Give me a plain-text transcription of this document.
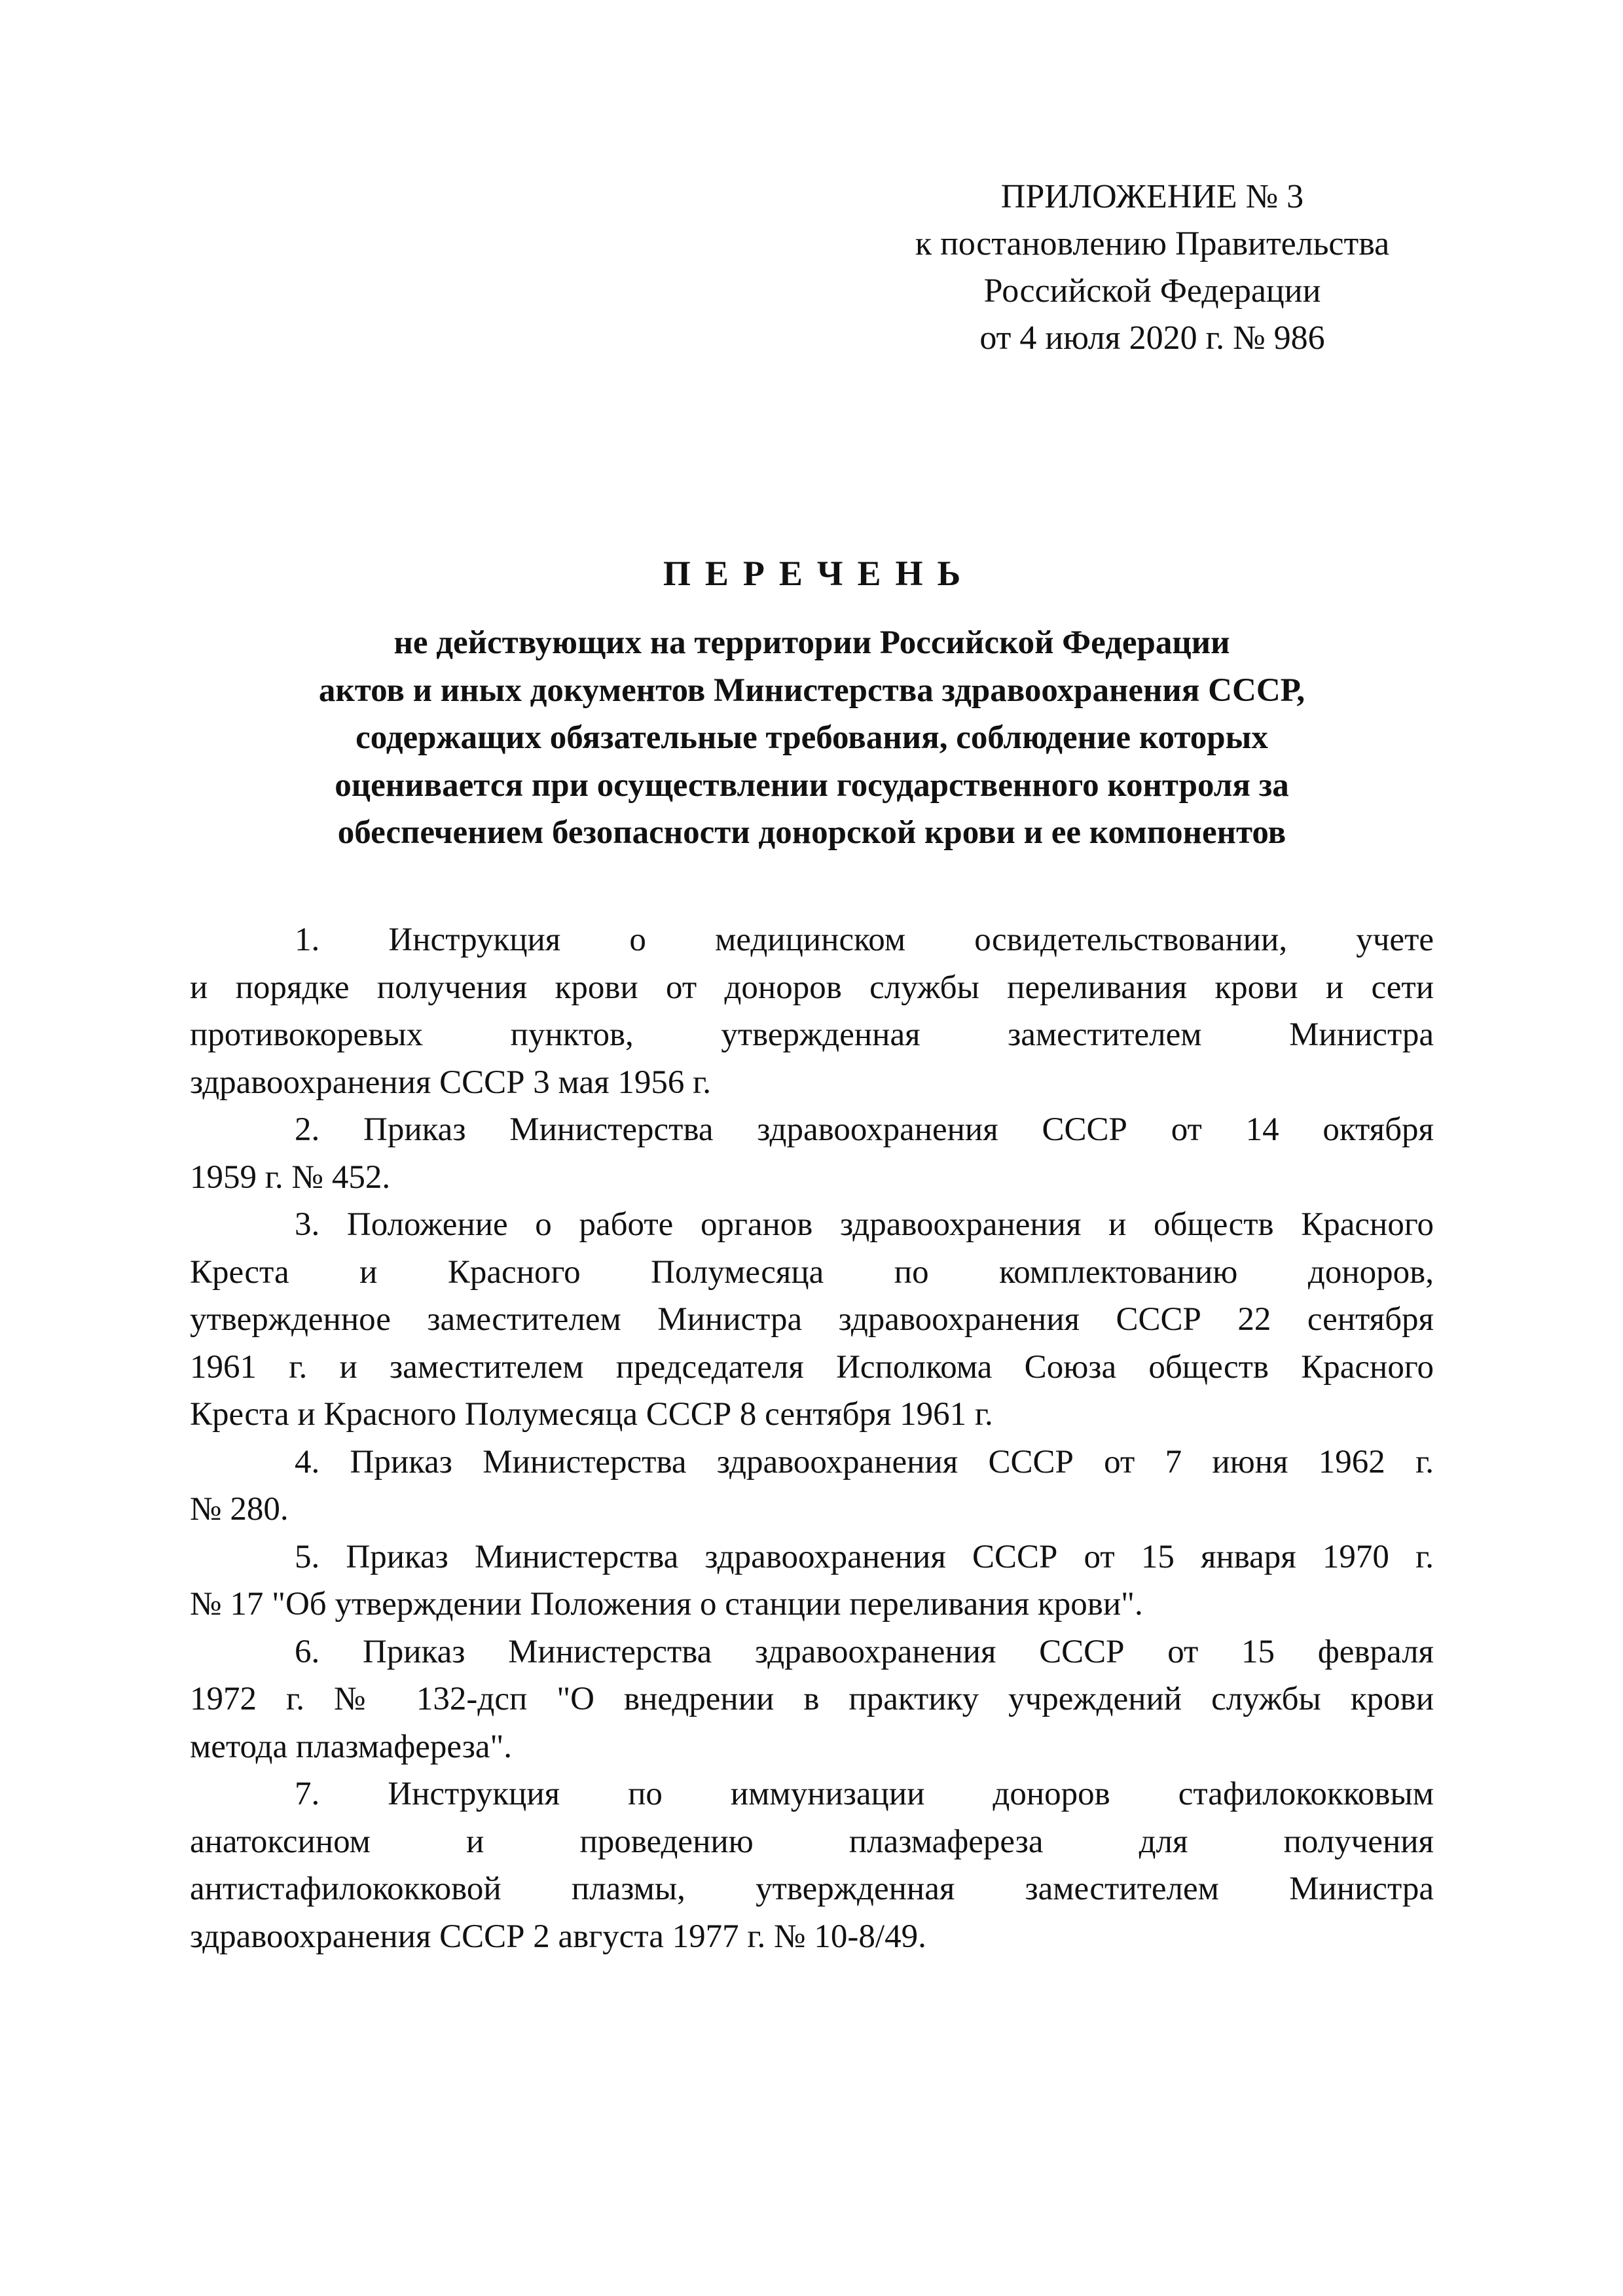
ПРИЛОЖЕНИЕ № 3
к постановлению Правительства
Российской Федерации
от 4 июля 2020 г. № 986
ПЕРЕЧЕНЬ
не действующих на территории Российской Федерации
актов и иных документов Министерства здравоохранения СССР,
содержащих обязательные требования, соблюдение которых
оценивается при осуществлении государственного контроля за
обеспечением безопасности донорской крови и ее компонентов
1. Инструкция о медицинском освидетельствовании, учете
и порядке получения крови от доноров службы переливания крови и сети
противокоревых пунктов, утвержденная заместителем Министра
здравоохранения СССР 3 мая 1956 г.
2. Приказ Министерства здравоохранения СССР от 14 октября
1959 г. № 452.
3. Положение о работе органов здравоохранения и обществ Красного
Креста и Красного Полумесяца по комплектованию доноров,
утвержденное заместителем Министра здравоохранения СССР 22 сентября
1961 г. и заместителем председателя Исполкома Союза обществ Красного
Креста и Красного Полумесяца СССР 8 сентября 1961 г.
4. Приказ Министерства здравоохранения СССР от 7 июня 1962 г.
№ 280.
5. Приказ Министерства здравоохранения СССР от 15 января 1970 г.
№ 17 "Об утверждении Положения о станции переливания крови".
6. Приказ Министерства здравоохранения СССР от 15 февраля
1972 г. № 132-дсп "О внедрении в практику учреждений службы крови
метода плазмафереза".
7. Инструкция по иммунизации доноров стафилококковым
анатоксином и проведению плазмафереза для получения
антистафилококковой плазмы, утвержденная заместителем Министра
здравоохранения СССР 2 августа 1977 г. № 10-8/49.
